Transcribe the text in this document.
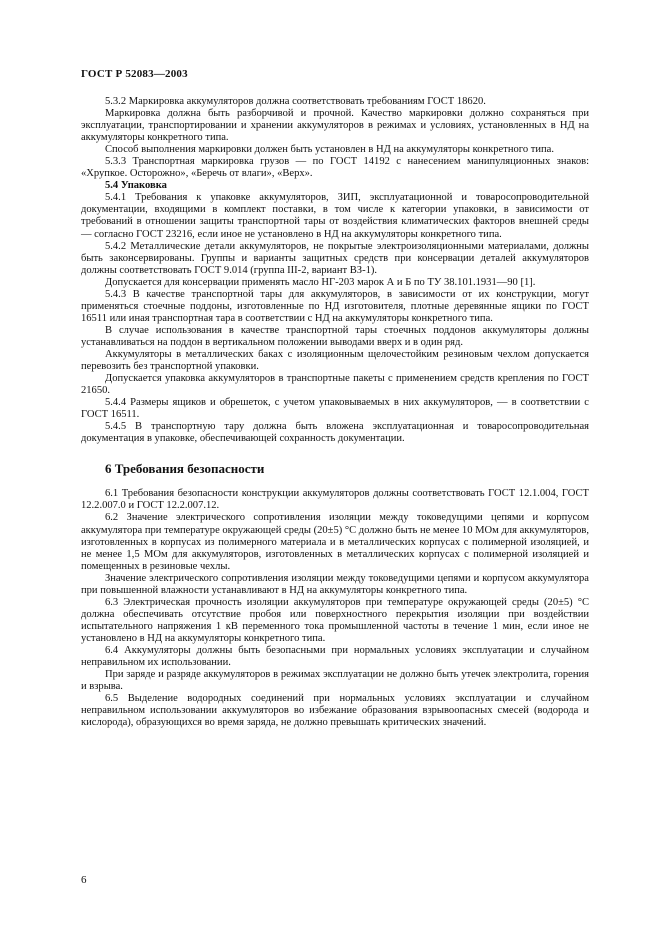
ГОСТ Р 52083—2003

5.3.2 Маркировка аккумуляторов должна соответствовать требованиям ГОСТ 18620.

Маркировка должна быть разборчивой и прочной. Качество маркировки должно сохраняться при эксплуатации, транспортировании и хранении аккумуляторов в режимах и условиях, установленных в НД на аккумуляторы конкретного типа.

Способ выполнения маркировки должен быть установлен в НД на аккумуляторы конкретного типа.

5.3.3 Транспортная маркировка грузов — по ГОСТ 14192 с нанесением манипуляционных знаков: «Хрупкое. Осторожно», «Беречь от влаги», «Верх».

5.4 Упаковка

5.4.1 Требования к упаковке аккумуляторов, ЗИП, эксплуатационной и товаросопроводительной документации, входящими в комплект поставки, в том числе к категории упаковки, в зависимости от требований в отношении защиты транспортной тары от воздействия климатических факторов внешней среды — согласно ГОСТ 23216, если иное не установлено в НД на аккумуляторы конкретного типа.

5.4.2 Металлические детали аккумуляторов, не покрытые электроизоляционными материалами, должны быть законсервированы. Группы и варианты защитных средств при консервации деталей аккумуляторов должны соответствовать ГОСТ 9.014 (группа III-2, вариант ВЗ-1).

Допускается для консервации применять масло НГ-203 марок А и Б по ТУ 38.101.1931—90 [1].

5.4.3 В качестве транспортной тары для аккумуляторов, в зависимости от их конструкции, могут применяться стоечные поддоны, изготовленные по НД изготовителя, плотные деревянные ящики по ГОСТ 16511 или иная транспортная тара в соответствии с НД на аккумуляторы конкретного типа.

В случае использования в качестве транспортной тары стоечных поддонов аккумуляторы должны устанавливаться на поддон в вертикальном положении выводами вверх и в один ряд.

Аккумуляторы в металлических баках с изоляционным щелочестойким резиновым чехлом допускается перевозить без транспортной упаковки.

Допускается упаковка аккумуляторов в транспортные пакеты с применением средств крепления по ГОСТ 21650.

5.4.4 Размеры ящиков и обрешеток, с учетом упаковываемых в них аккумуляторов, — в соответствии с ГОСТ 16511.

5.4.5 В транспортную тару должна быть вложена эксплуатационная и товаросопроводительная документация в упаковке, обеспечивающей сохранность документации.

6 Требования безопасности

6.1 Требования безопасности конструкции аккумуляторов должны соответствовать ГОСТ 12.1.004, ГОСТ 12.2.007.0 и ГОСТ 12.2.007.12.

6.2 Значение электрического сопротивления изоляции между токоведущими цепями и корпусом аккумулятора при температуре окружающей среды (20±5) °С должно быть не менее 10 МОм для аккумуляторов, изготовленных в корпусах из полимерного материала и в металлических корпусах с полимерной изоляцией, и не менее 1,5 МОм для аккумуляторов, изготовленных в металлических корпусах с полимерной изоляцией и помещенных в резиновые чехлы.

Значение электрического сопротивления изоляции между токоведущими цепями и корпусом аккумулятора при повышенной влажности устанавливают в НД на аккумуляторы конкретного типа.

6.3 Электрическая прочность изоляции аккумуляторов при температуре окружающей среды (20±5) °С должна обеспечивать отсутствие пробоя или поверхностного перекрытия изоляции при воздействии испытательного напряжения 1 кВ переменного тока промышленной частоты в течение 1 мин, если иное не установлено в НД на аккумуляторы конкретного типа.

6.4 Аккумуляторы должны быть безопасными при нормальных условиях эксплуатации и случайном неправильном их использовании.

При заряде и разряде аккумуляторов в режимах эксплуатации не должно быть утечек электролита, горения и взрыва.

6.5 Выделение водородных соединений при нормальных условиях эксплуатации и случайном неправильном использовании аккумуляторов во избежание образования взрывоопасных смесей (водорода и кислорода), образующихся во время заряда, не должно превышать критических значений.

6
